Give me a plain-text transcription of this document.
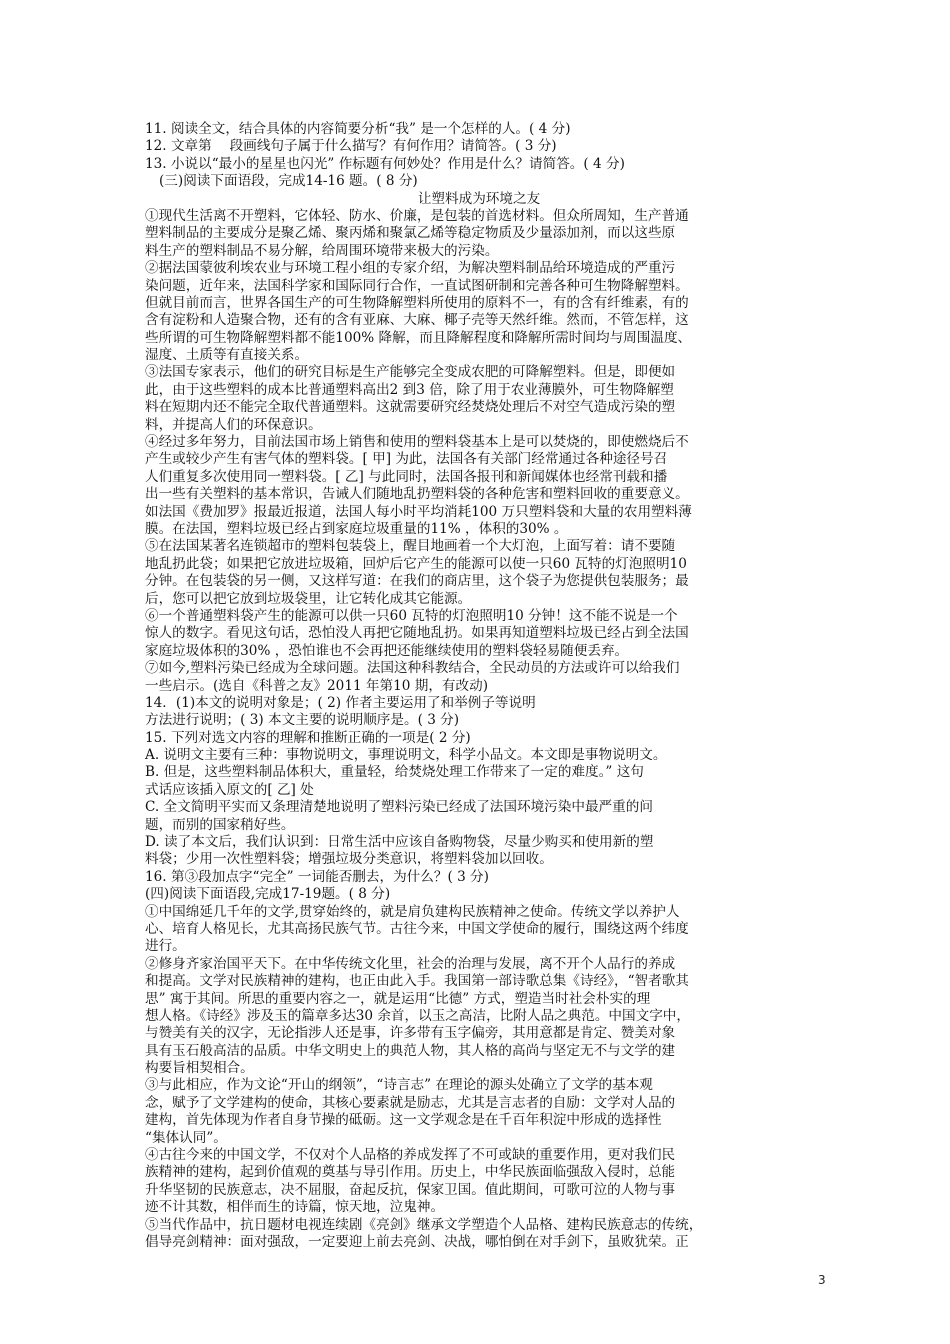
11. 阅读全文，结合具体的内容简要分析“我” 是一个怎样的人。( 4 分)
12. 文章第 　段画线句子属于什么描写？有何作用？请简答。( 3 分)
13. 小说以“最小的星星也闪光” 作标题有何妙处？作用是什么？请简答。( 4 分)
(三)阅读下面语段，完成14-16 题。( 8 分)
让塑料成为环境之友
①现代生活离不开塑料，它体轻、防水、价廉，是包装的首选材料。但众所周知，生产普通
塑料制品的主要成分是聚乙烯、聚丙烯和聚氯乙烯等稳定物质及少量添加剂，而以这些原
料生产的塑料制品不易分解，给周围环境带来极大的污染。
②据法国蒙彼利埃农业与环境工程小组的专家介绍，为解决塑料制品给环境造成的严重污
染问题，近年来，法国科学家和国际同行合作，一直试图研制和完善各种可生物降解塑料。
但就目前而言，世界各国生产的可生物降解塑料所使用的原料不一，有的含有纤维素，有的
含有淀粉和人造聚合物，还有的含有亚麻、大麻、椰子壳等天然纤维。然而，不管怎样，这
些所谓的可生物降解塑料都不能100% 降解，而且降解程度和降解所需时间均与周围温度、
湿度、土质等有直接关系。
③法国专家表示，他们的研究目标是生产能够完全变成农肥的可降解塑料。但是，即便如
此，由于这些塑料的成本比普通塑料高出2 到3 倍，除了用于农业薄膜外，可生物降解塑
料在短期内还不能完全取代普通塑料。这就需要研究经焚烧处理后不对空气造成污染的塑
料，并提高人们的环保意识。
④经过多年努力，目前法国市场上销售和使用的塑料袋基本上是可以焚烧的，即使燃烧后不
产生或较少产生有害气体的塑料袋。[ 甲] 为此，法国各有关部门经常通过各种途径号召
人们重复多次使用同一塑料袋。[ 乙] 与此同时，法国各报刊和新闻媒体也经常刊载和播
出一些有关塑料的基本常识，告诫人们随地乱扔塑料袋的各种危害和塑料回收的重要意义。
如法国《费加罗》报最近报道，法国人每小时平均消耗100 万只塑料袋和大量的农用塑料薄
膜。在法国，塑料垃圾已经占到家庭垃圾重量的11% ，体积的30% 。
⑤在法国某著名连锁超市的塑料包装袋上，醒目地画着一个大灯泡，上面写着：请不要随
地乱扔此袋；如果把它放进垃圾箱，回炉后它产生的能源可以使一只60 瓦特的灯泡照明10
分钟。在包装袋的另一侧，又这样写道：在我们的商店里，这个袋子为您提供包装服务；最
后，您可以把它放到垃圾袋里，让它转化成其它能源。
⑥一个普通塑料袋产生的能源可以供一只60 瓦特的灯泡照明10 分钟！这不能不说是一个
惊人的数字。看见这句话，恐怕没人再把它随地乱扔。如果再知道塑料垃圾已经占到全法国
家庭垃圾体积的30% ，恐怕谁也不会再把还能继续使用的塑料袋轻易随便丢弃。
⑦如今,塑料污染已经成为全球问题。法国这种科教结合，全民动员的方法或许可以给我们
一些启示。(选自《科普之友》2011 年第10 期，有改动)
14．(1)本文的说明对象是；( 2) 作者主要运用了和举例子等说明
方法进行说明；( 3) 本文主要的说明顺序是。( 3 分)
15. 下列对选文内容的理解和推断正确的一项是( 2 分)
A. 说明文主要有三种：事物说明文，事理说明文，科学小品文。本文即是事物说明文。
B. 但是，这些塑料制品体积大，重量轻，给焚烧处理工作带来了一定的难度。” 这句
式话应该插入原文的[ 乙] 处
C. 全文简明平实而又条理清楚地说明了塑料污染已经成了法国环境污染中最严重的问
题，而别的国家稍好些。
D. 读了本文后，我们认识到：日常生活中应该自备购物袋，尽量少购买和使用新的塑
料袋；少用一次性塑料袋；增强垃圾分类意识，将塑料袋加以回收。
16. 第③段加点字“完全” 一词能否删去，为什么？( 3 分)
(四)阅读下面语段,完成17-19题。( 8 分)
①中国绵延几千年的文学,贯穿始终的，就是肩负建构民族精神之使命。传统文学以养护人
心、培育人格见长，尤其高扬民族气节。古往今来，中国文学使命的履行，围绕这两个纬度
进行。
②修身齐家治国平天下。在中华传统文化里，社会的治理与发展，离不开个人品行的养成
和提高。文学对民族精神的建构，也正由此入手。我国第一部诗歌总集《诗经》，“智者歌其
思” 寓于其间。所思的重要内容之一，就是运用“比德” 方式，塑造当时社会朴实的理
想人格。《诗经》涉及玉的篇章多达30 余首，以玉之高洁，比附人品之典范。中国文字中，
与赞美有关的汉字，无论指涉人还是事，许多带有玉字偏旁，其用意都是肯定、赞美对象
具有玉石般高洁的品质。中华文明史上的典范人物，其人格的高尚与坚定无不与文学的建
构要旨相契相合。
③与此相应，作为文论“开山的纲领”，“诗言志” 在理论的源头处确立了文学的基本观
念，赋予了文学建构的使命，其核心要素就是励志，尤其是言志者的自励：文学对人品的
建构，首先体现为作者自身节操的砥砺。这一文学观念是在千百年积淀中形成的选择性
“集体认同”。
④古往今来的中国文学，不仅对个人品格的养成发挥了不可或缺的重要作用，更对我们民
族精神的建构，起到价值观的奠基与导引作用。历史上，中华民族面临强敌入侵时，总能
升华坚韧的民族意志，决不屈服，奋起反抗，保家卫国。值此期间，可歌可泣的人物与事
迹不计其数，相伴而生的诗篇，惊天地，泣鬼神。
⑤当代作品中，抗日题材电视连续剧《亮剑》继承文学塑造个人品格、建构民族意志的传统，
倡导亮剑精神：面对强敌，一定要迎上前去亮剑、决战，哪怕倒在对手剑下，虽败犹荣。正
3
